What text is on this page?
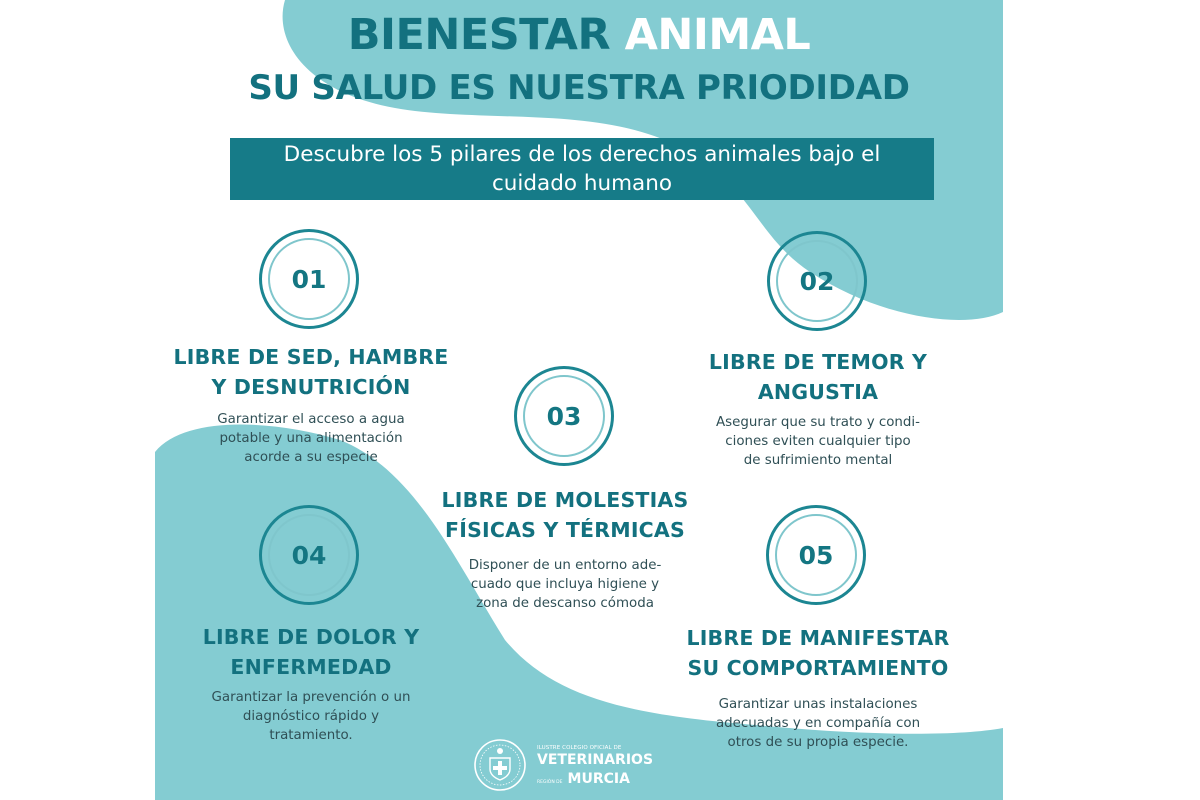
BIENESTAR ANIMAL
SU SALUD ES NUESTRA PRIODIDAD
Descubre los 5 pilares de los derechos animales bajo el
cuidado humano
01
LIBRE DE SED, HAMBRE
Y DESNUTRICIÓN
Garantizar el acceso a agua
potable y una alimentación
acorde a su especie
02
LIBRE DE TEMOR Y
ANGUSTIA
Asegurar que su trato y condi-
ciones eviten cualquier tipo
de sufrimiento mental
03
LIBRE DE MOLESTIAS
FÍSICAS Y TÉRMICAS
Disponer de un entorno ade-
cuado que incluya higiene y
zona de descanso cómoda
04
LIBRE DE DOLOR Y
ENFERMEDAD
Garantizar la prevención o un
diagnóstico rápido y
tratamiento.
05
LIBRE DE MANIFESTAR
SU COMPORTAMIENTO
Garantizar unas instalaciones
adecuadas y en compañía con
otros de su propia especie.
ILUSTRE COLEGIO OFICIAL DE
VETERINARIOS
REGIÓN DE MURCIA
